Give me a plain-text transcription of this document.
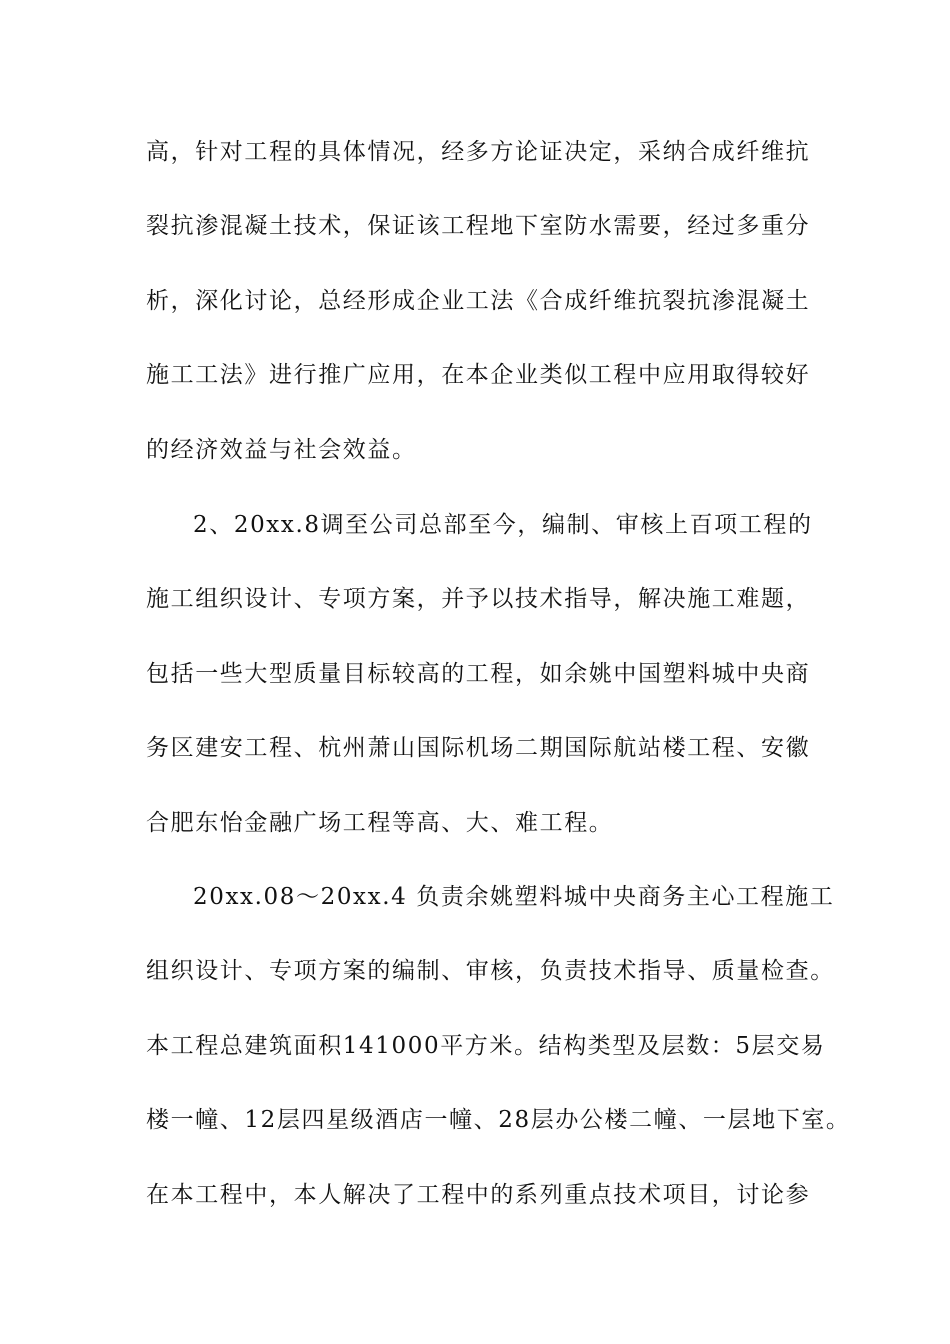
高，针对工程的具体情况，经多方论证决定，采纳合成纤维抗
裂抗渗混凝土技术，保证该工程地下室防水需要，经过多重分
析，深化讨论，总经形成企业工法《合成纤维抗裂抗渗混凝土
施工工法》进行推广应用，在本企业类似工程中应用取得较好
的经济效益与社会效益。
2、20xx.8调至公司总部至今，编制、审核上百项工程的
施工组织设计、专项方案，并予以技术指导，解决施工难题，
包括一些大型质量目标较高的工程，如余姚中国塑料城中央商
务区建安工程、杭州萧山国际机场二期国际航站楼工程、安徽
合肥东怡金融广场工程等高、大、难工程。
20xx.08～20xx.4 负责余姚塑料城中央商务主心工程施工
组织设计、专项方案的编制、审核，负责技术指导、质量检查。
本工程总建筑面积141000平方米。结构类型及层数：5层交易
楼一幢、12层四星级酒店一幢、28层办公楼二幢、一层地下室。
在本工程中，本人解决了工程中的系列重点技术项目，讨论参
